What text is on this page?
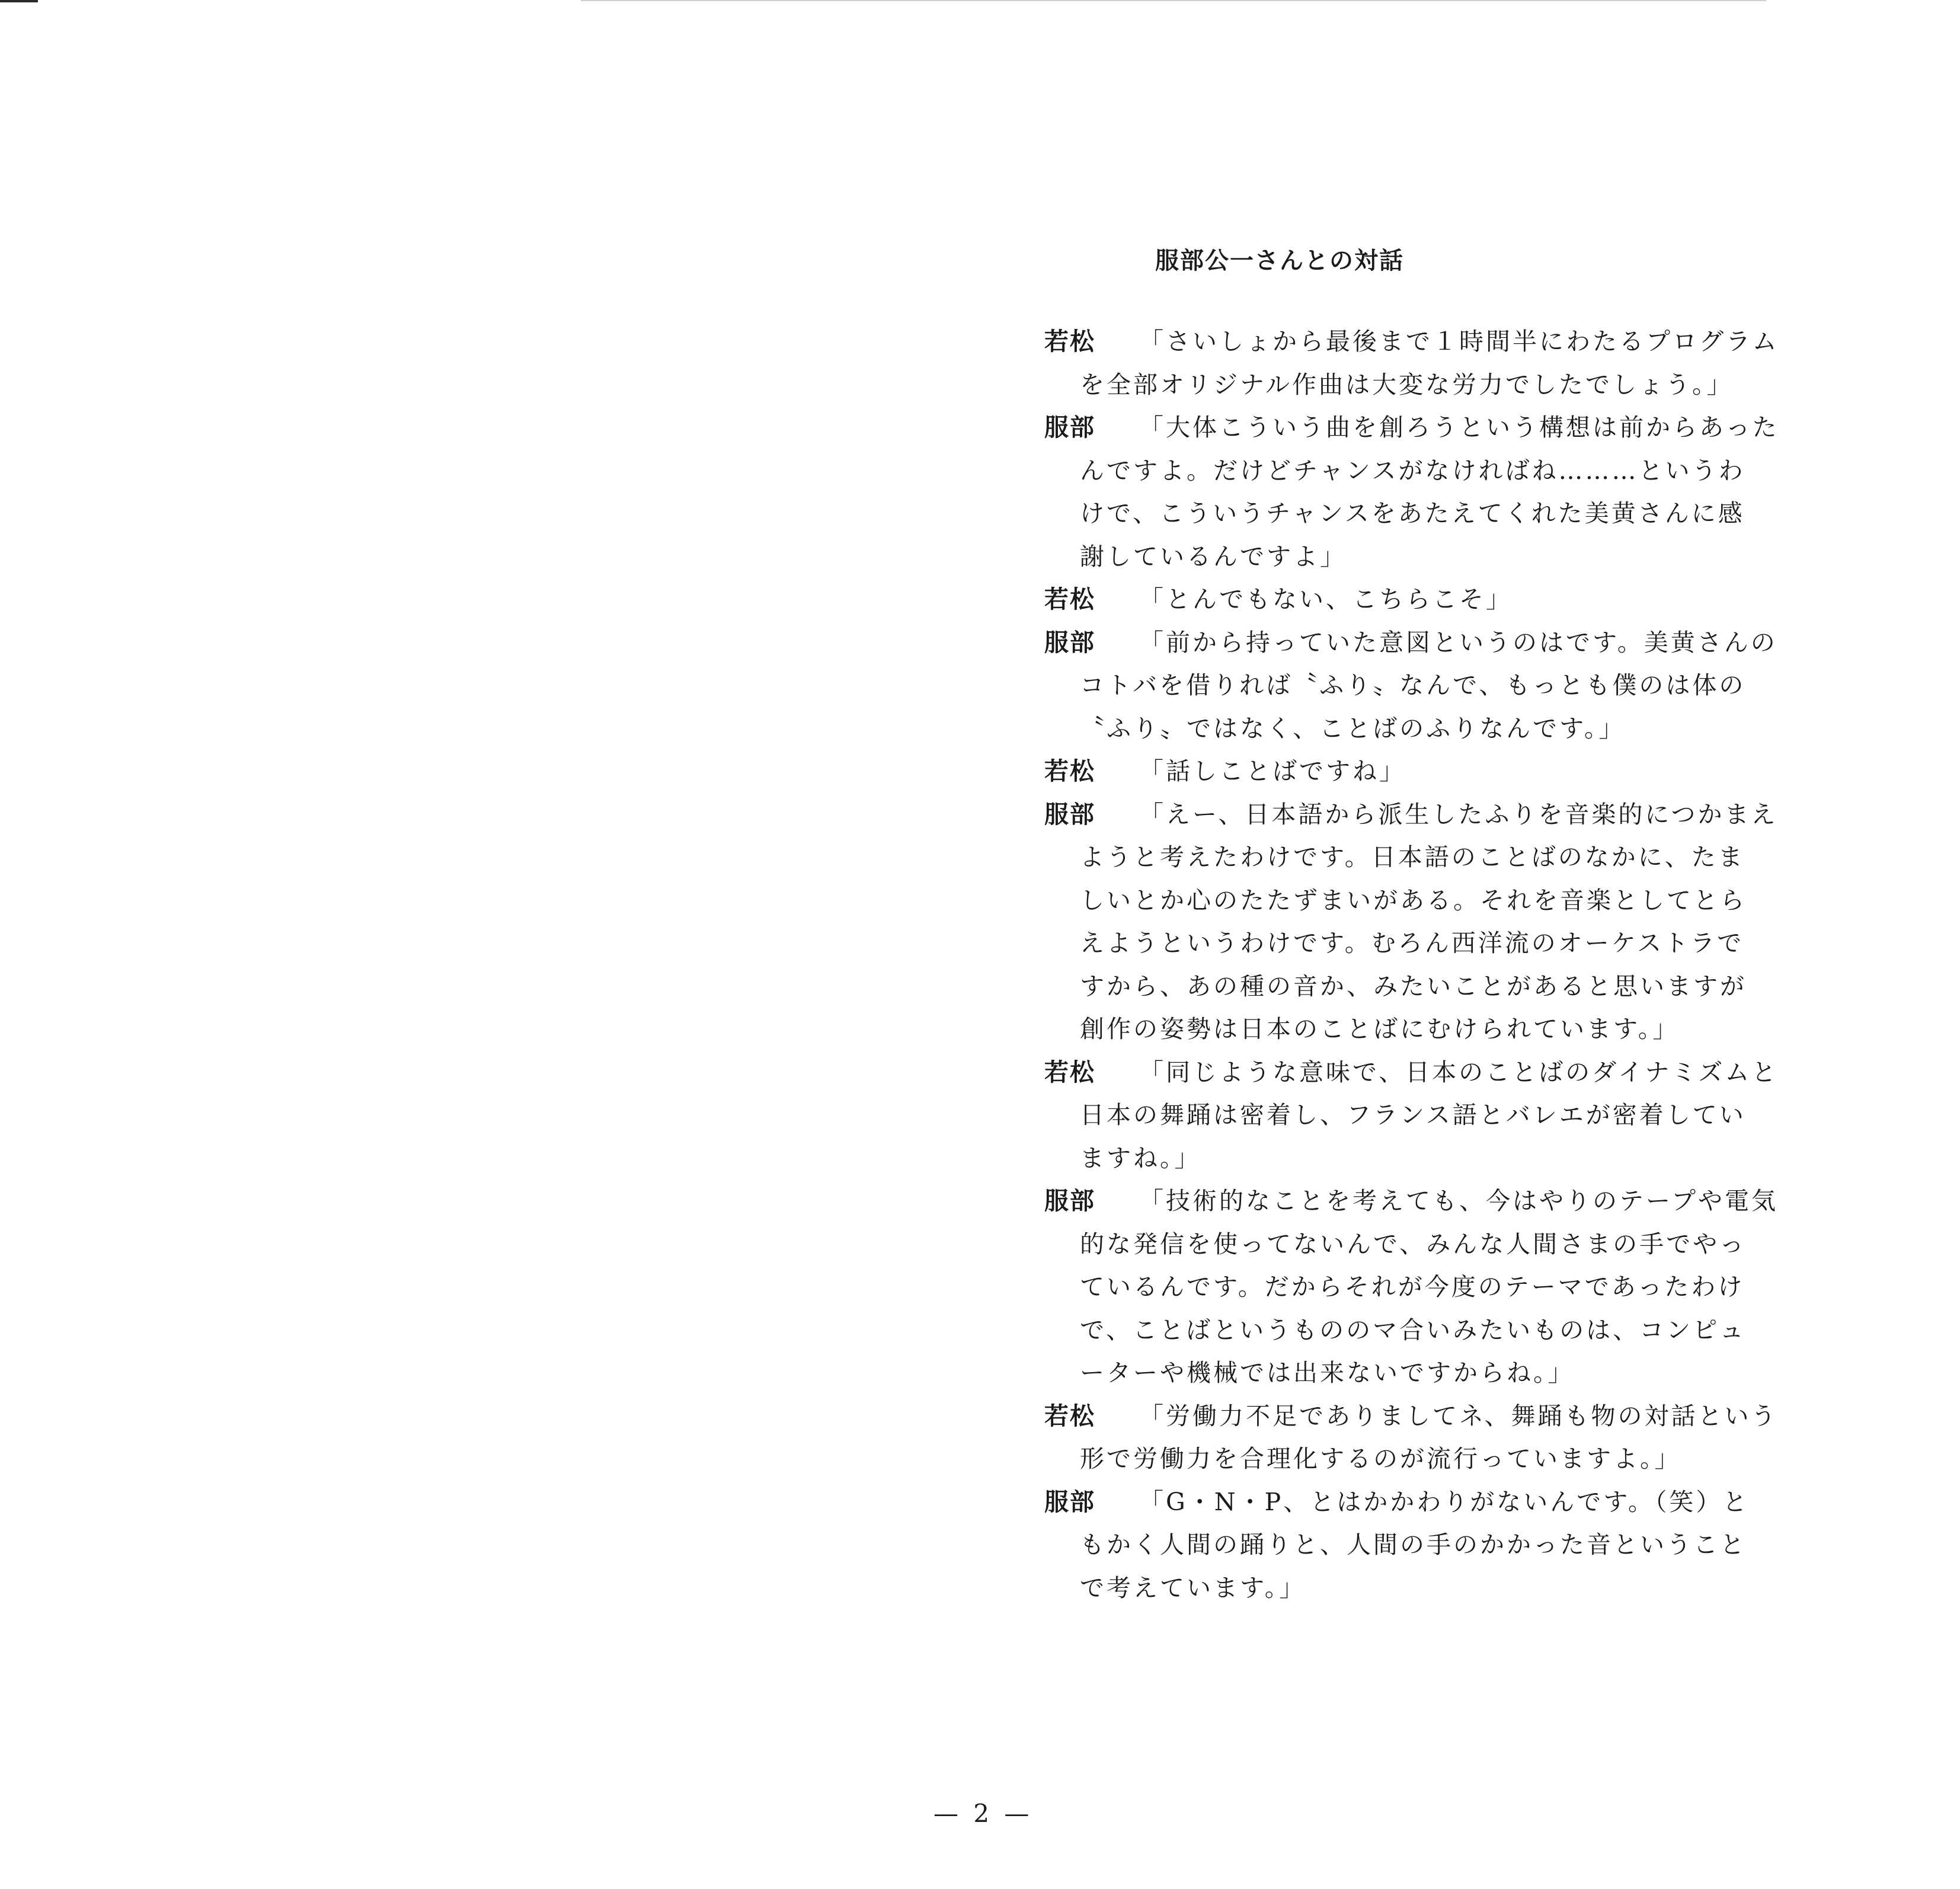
服部公一さんとの対話
若松	「さいしょから最後まで１時間半にわたるプログラム
を全部オリジナル作曲は大変な労力でしたでしょう。」
服部	「大体こういう曲を創ろうという構想は前からあった
んですよ。だけどチャンスがなければね………というわ
けで、こういうチャンスをあたえてくれた美黄さんに感
謝しているんですよ」
若松	「とんでもない、こちらこそ」
服部	「前から持っていた意図というのはです。美黄さんの
コトバを借りれば〝ふり〟なんで、もっとも僕のは体の
〝ふり〟ではなく、ことばのふりなんです。」
若松	「話しことばですね」
服部	「えー、日本語から派生したふりを音楽的につかまえ
ようと考えたわけです。日本語のことばのなかに、たま
しいとか心のたたずまいがある。それを音楽としてとら
えようというわけです。むろん西洋流のオーケストラで
すから、あの種の音か、みたいことがあると思いますが
創作の姿勢は日本のことばにむけられています。」
若松	「同じような意味で、日本のことばのダイナミズムと
日本の舞踊は密着し、フランス語とバレエが密着してい
ますね。」
服部	「技術的なことを考えても、今はやりのテープや電気
的な発信を使ってないんで、みんな人間さまの手でやっ
ているんです。だからそれが今度のテーマであったわけ
で、ことばというもののマ合いみたいものは、コンピュ
ーターや機械では出来ないですからね。」
若松	「労働力不足でありましてネ、舞踊も物の対話という
形で労働力を合理化するのが流行っていますよ。」
服部	「G・N・P、とはかかわりがないんです。（笑）と
もかく人間の踊りと、人間の手のかかった音ということ
で考えています。」
— 2 —
